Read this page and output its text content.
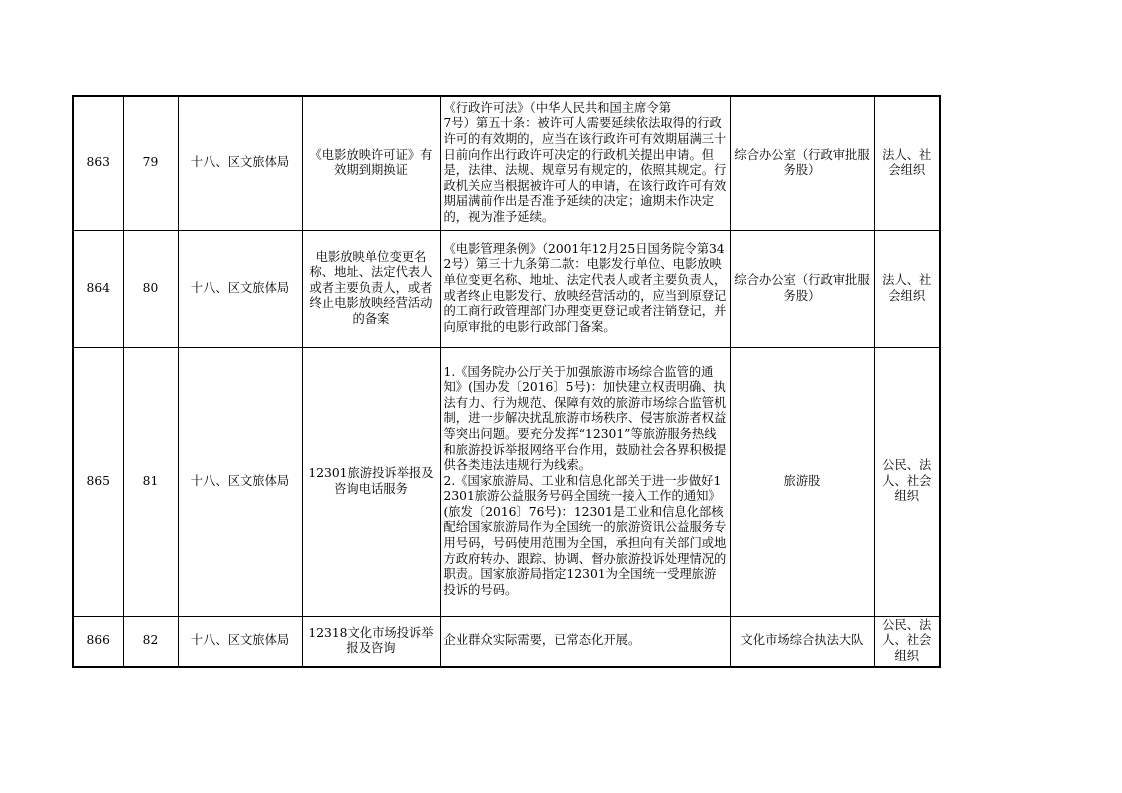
863	79	十八、区文旅体局	《电影放映许可证》有效期到期换证	《行政许可法》（中华人民共和国主席令第
7号）第五十条：被许可人需要延续依法取得的行政许可的有效期的，应当在该行政许可有效期届满三十日前向作出行政许可决定的行政机关提出申请。但是，法律、法规、规章另有规定的，依照其规定。行政机关应当根据被许可人的申请，在该行政许可有效期届满前作出是否准予延续的决定；逾期未作决定的，视为准予延续。	综合办公室（行政审批服务股）	法人、社会组织
864	80	十八、区文旅体局	电影放映单位变更名称、地址、法定代表人或者主要负责人，或者终止电影放映经营活动的备案	《电影管理条例》（2001年12月25日国务院令第342号）第三十九条第二款：电影发行单位、电影放映单位变更名称、地址、法定代表人或者主要负责人，或者终止电影发行、放映经营活动的，应当到原登记的工商行政管理部门办理变更登记或者注销登记，并向原审批的电影行政部门备案。	综合办公室（行政审批服务股）	法人、社会组织
865	81	十八、区文旅体局	12301旅游投诉举报及咨询电话服务	1.《国务院办公厅关于加强旅游市场综合监管的通知》(国办发〔2016〕5号)：加快建立权责明确、执法有力、行为规范、保障有效的旅游市场综合监管机制，进一步解决扰乱旅游市场秩序、侵害旅游者权益等突出问题。要充分发挥“12301”等旅游服务热线和旅游投诉举报网络平台作用，鼓励社会各界积极提供各类违法违规行为线索。
2.《国家旅游局、工业和信息化部关于进一步做好12301旅游公益服务号码全国统一接入工作的通知》(旅发〔2016〕76号)：12301是工业和信息化部核配给国家旅游局作为全国统一的旅游资讯公益服务专用号码，号码使用范围为全国，承担向有关部门或地方政府转办、跟踪、协调、督办旅游投诉处理情况的职责。国家旅游局指定12301为全国统一受理旅游投诉的号码。	旅游股	公民、法人、社会组织
866	82	十八、区文旅体局	12318文化市场投诉举报及咨询	企业群众实际需要，已常态化开展。	文化市场综合执法大队	公民、法人、社会组织
